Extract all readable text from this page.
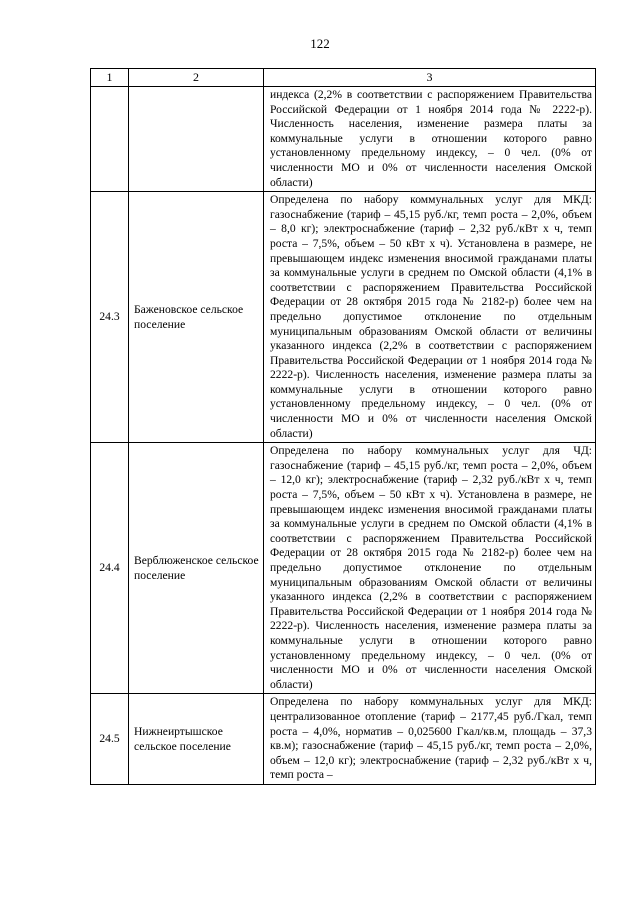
122
1	2	3
		индекса (2,2% в соответствии с распоряжением Правительства Российской Федерации от 1 ноября 2014 года № 2222-р). Численность населения, изменение размера платы за коммунальные услуги в отношении которого равно установленному предельному индексу, – 0 чел. (0% от численности МО и 0% от численности населения Омской области)
24.3	Баженовское сельское поселение	Определена по набору коммунальных услуг для МКД: газоснабжение (тариф – 45,15 руб./кг, темп роста – 2,0%, объем – 8,0 кг); электроснабжение (тариф – 2,32 руб./кВт х ч, темп роста – 7,5%, объем – 50 кВт х ч). Установлена в размере, не превышающем индекс изменения вносимой гражданами платы за коммунальные услуги в среднем по Омской области (4,1% в соответствии с распоряжением Правительства Российской Федерации от 28 октября 2015 года № 2182-р) более чем на предельно допустимое отклонение по отдельным муниципальным образованиям Омской области от величины указанного индекса (2,2% в соответствии с распоряжением Правительства Российской Федерации от 1 ноября 2014 года № 2222-р). Численность населения, изменение размера платы за коммунальные услуги в отношении которого равно установленному предельному индексу, – 0 чел. (0% от численности МО и 0% от численности населения Омской области)
24.4	Верблюженское сельское поселение	Определена по набору коммунальных услуг для ЧД: газоснабжение (тариф – 45,15 руб./кг, темп роста – 2,0%, объем – 12,0 кг); электроснабжение (тариф – 2,32 руб./кВт х ч, темп роста – 7,5%, объем – 50 кВт х ч). Установлена в размере, не превышающем индекс изменения вносимой гражданами платы за коммунальные услуги в среднем по Омской области (4,1% в соответствии с распоряжением Правительства Российской Федерации от 28 октября 2015 года № 2182-р) более чем на предельно допустимое отклонение по отдельным муниципальным образованиям Омской области от величины указанного индекса (2,2% в соответствии с распоряжением Правительства Российской Федерации от 1 ноября 2014 года № 2222-р). Численность населения, изменение размера платы за коммунальные услуги в отношении которого равно установленному предельному индексу, – 0 чел. (0% от численности МО и 0% от численности населения Омской области)
24.5	Нижнеиртышское сельское поселение	Определена по набору коммунальных услуг для МКД: централизованное отопление (тариф – 2177,45 руб./Гкал, темп роста – 4,0%, норматив – 0,025600 Гкал/кв.м, площадь – 37,3 кв.м); газоснабжение (тариф – 45,15 руб./кг, темп роста – 2,0%, объем – 12,0 кг); электроснабжение (тариф – 2,32 руб./кВт х ч, темп роста –
